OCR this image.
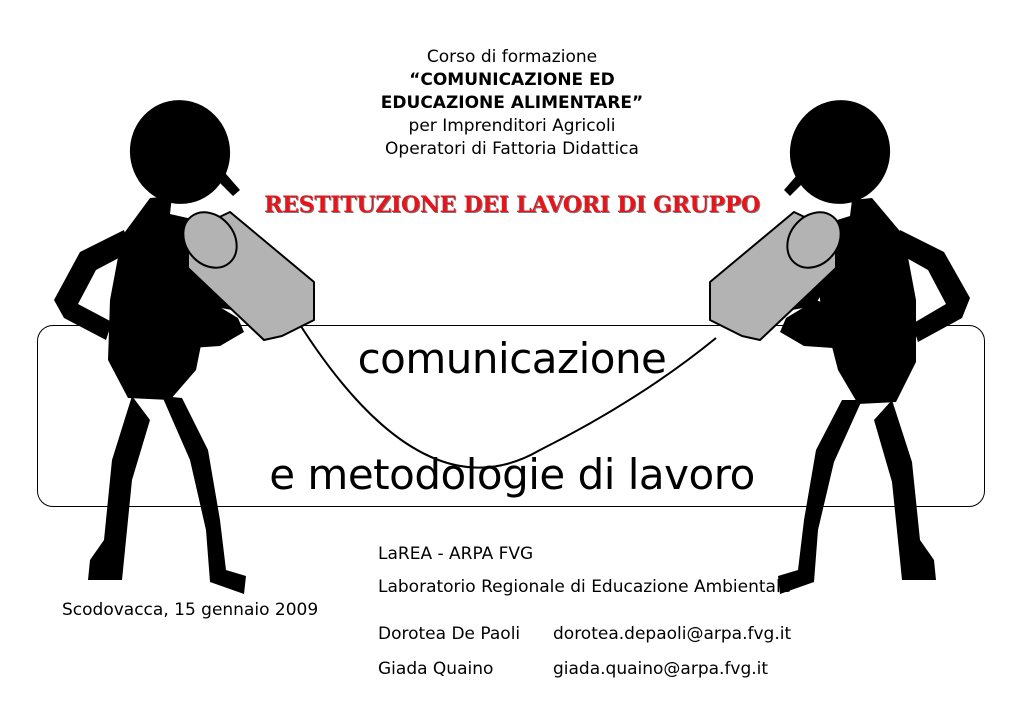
Corso di formazione
“COMUNICAZIONE ED
EDUCAZIONE ALIMENTARE”
per Imprenditori Agricoli
Operatori di Fattoria Didattica
RESTITUZIONE DEI LAVORI DI GRUPPO
comunicazione
e metodologie di lavoro
Scodovacca, 15 gennaio 2009
LaREA - ARPA FVG
Laboratorio Regionale di Educazione Ambientale
Dorotea De Paoli dorotea.depaoli@arpa.fvg.it
Giada Quaino	giada.quaino@arpa.fvg.it
